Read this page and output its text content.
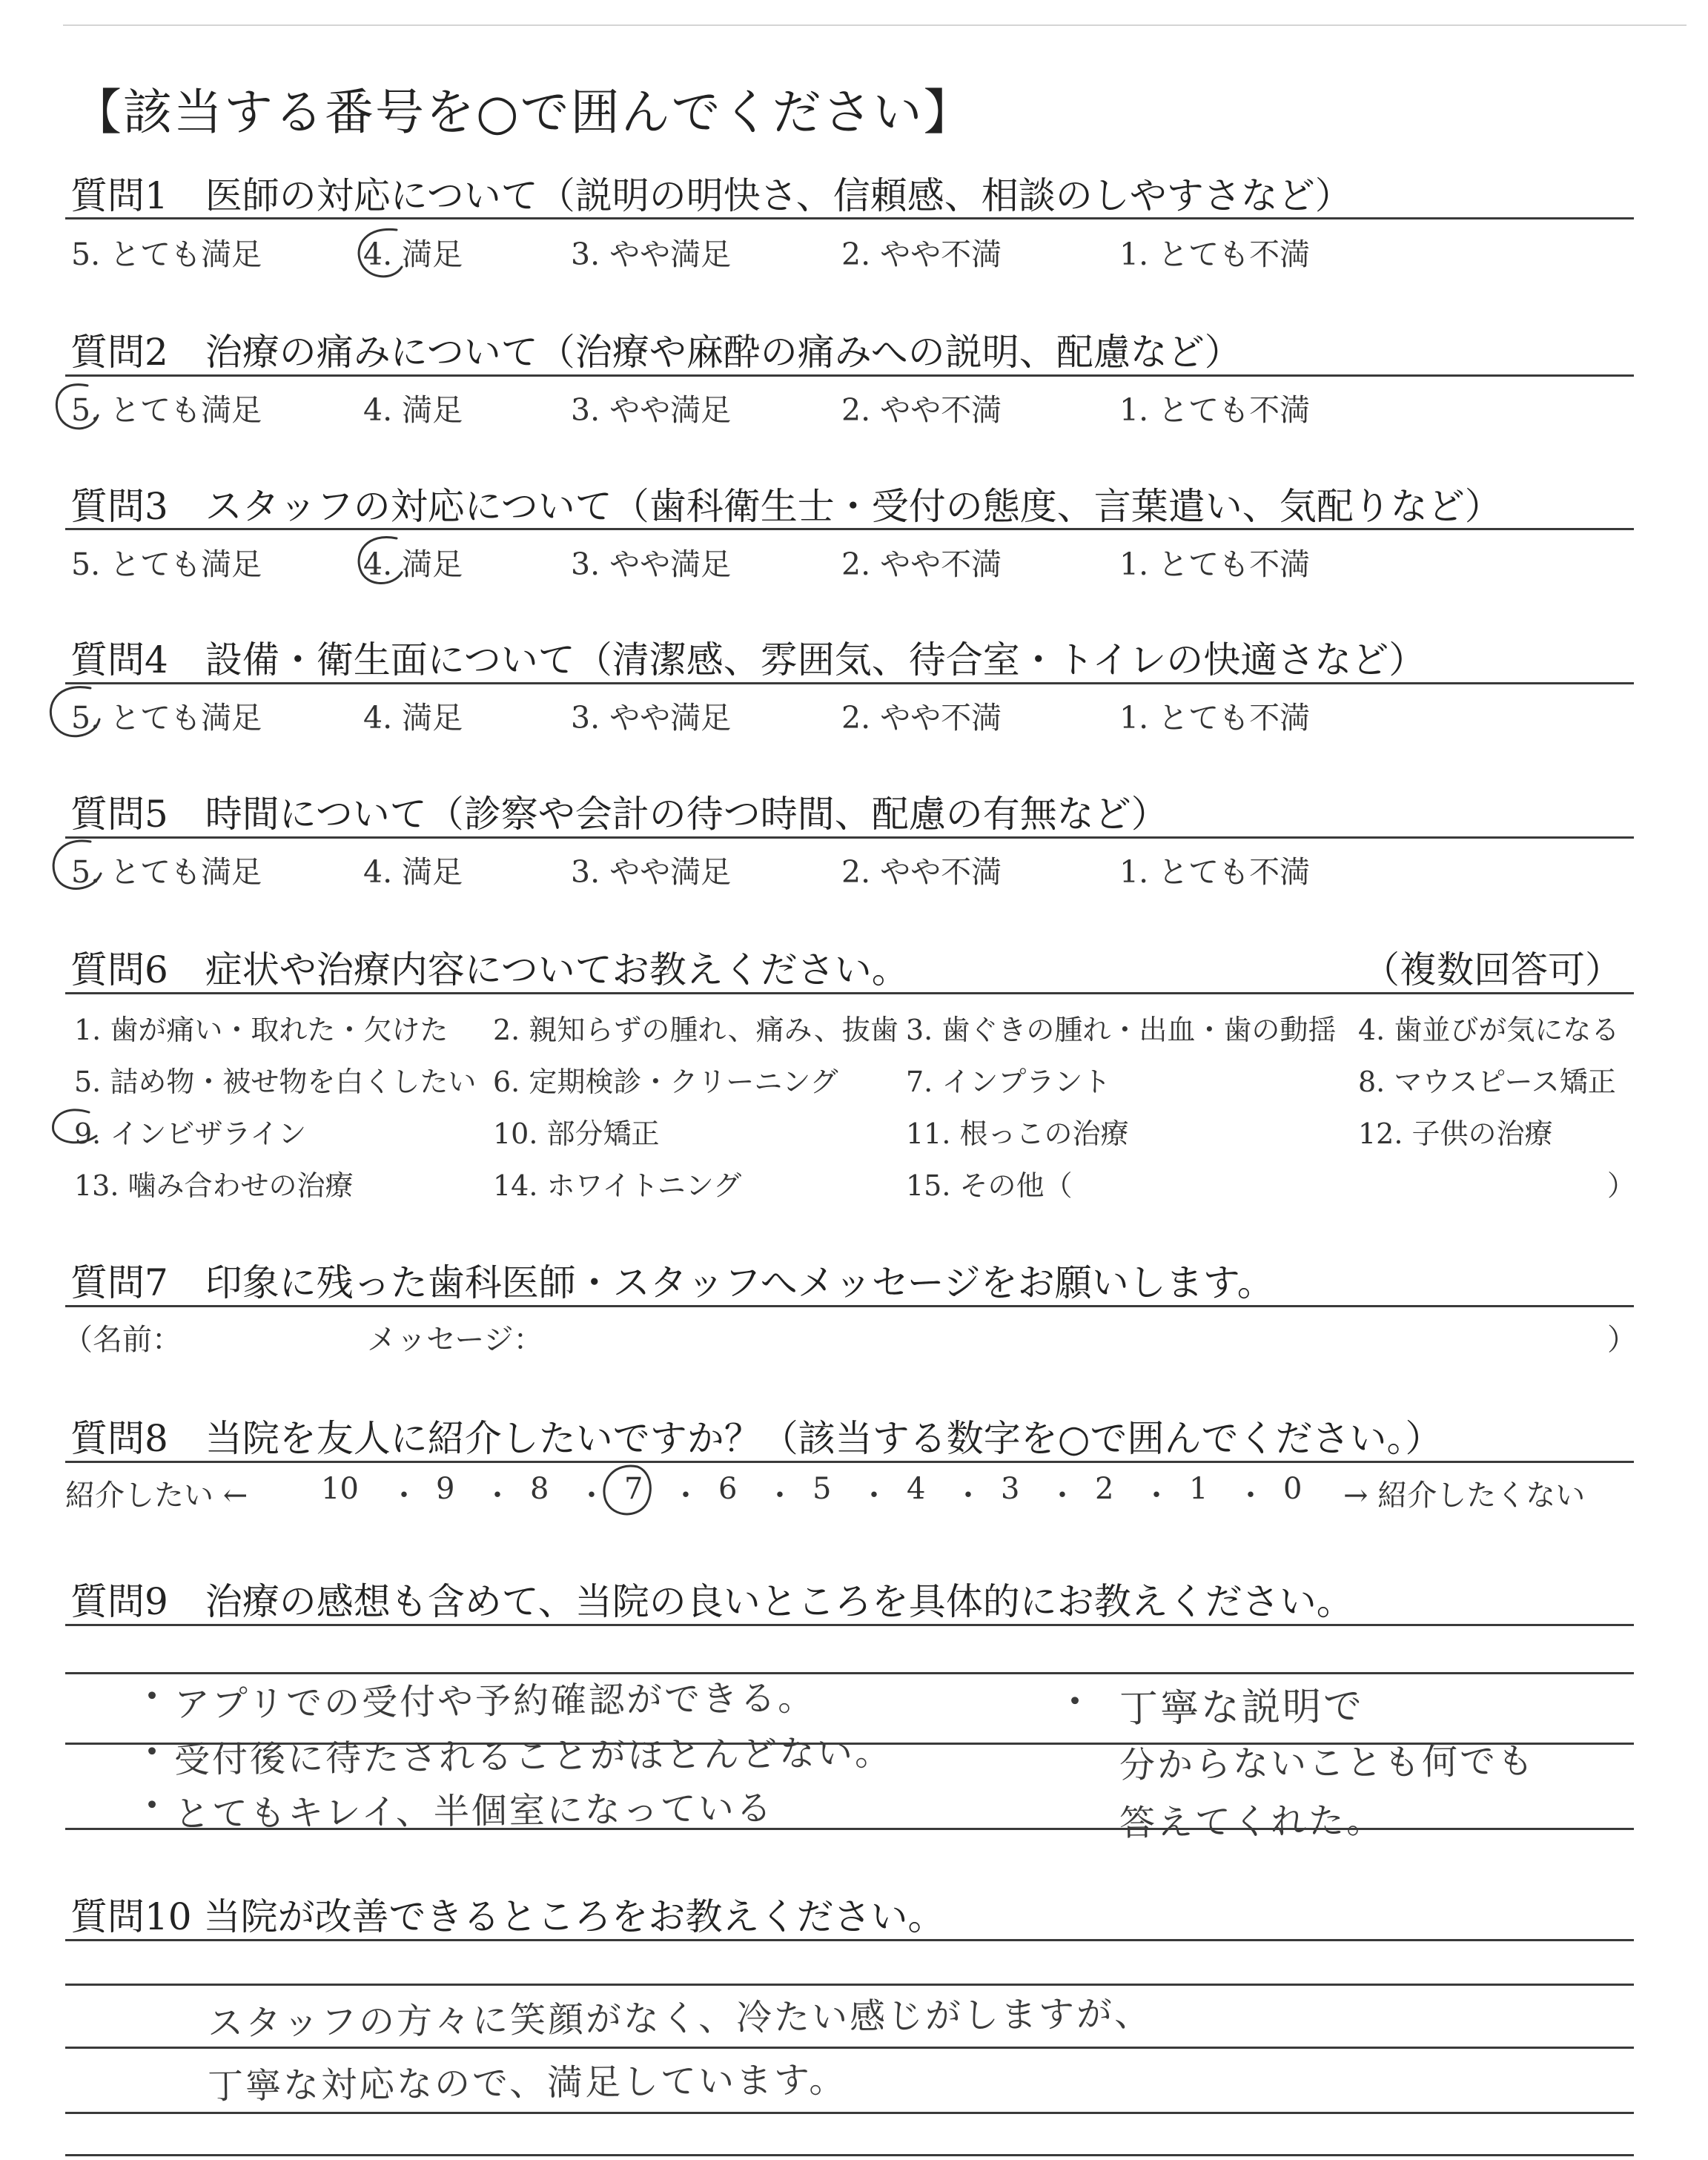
【該当する番号を○で囲んでください】
質問1　医師の対応について（説明の明快さ、信頼感、相談のしやすさなど）
5. とても満足	4. 満足	3. やや満足	2. やや不満	1. とても不満
質問2　治療の痛みについて（治療や麻酔の痛みへの説明、配慮など）
5. とても満足	4. 満足	3. やや満足	2. やや不満	1. とても不満
質問3　スタッフの対応について（歯科衛生士・受付の態度、言葉遣い、気配りなど）
5. とても満足	4. 満足	3. やや満足	2. やや不満	1. とても不満
質問4　設備・衛生面について（清潔感、雰囲気、待合室・トイレの快適さなど）
5. とても満足	4. 満足	3. やや満足	2. やや不満	1. とても不満
質問5　時間について（診察や会計の待つ時間、配慮の有無など）
5. とても満足	4. 満足	3. やや満足	2. やや不満	1. とても不満
質問6　症状や治療内容についてお教えください。	（複数回答可）
1. 歯が痛い・取れた・欠けた 2. 親知らずの腫れ、痛み、抜歯 3. 歯ぐきの腫れ・出血・歯の動揺 4. 歯並びが気になる
5. 詰め物・被せ物を白くしたい 6. 定期検診・クリーニング 7. インプラント	8. マウスピース矯正
9. インビザライン	10. 部分矯正	11. 根っこの治療	12. 子供の治療
13. 噛み合わせの治療	14. ホワイトニング	15. その他（	）
質問7　印象に残った歯科医師・スタッフへメッセージをお願いします。
（名前：	メッセージ：	）
質問8　当院を友人に紹介したいですか？（該当する数字を○で囲んでください。）
紹介したい ← 10 ・ 9 ・ 8 ・ 7 ・ 6 ・ 5 ・ 4 ・ 3 ・ 2 ・ 1 ・ 0 → 紹介したくない
質問9　治療の感想も含めて、当院の良いところを具体的にお教えください。
• アプリでの受付や予約確認ができる。
• 受付後に待たされることがほとんどない。
• とてもキレイ、半個室になっている
• 丁寧な説明で
分からないことも何でも
答えてくれた。
質問10 当院が改善できるところをお教えください。
スタッフの方々に笑顔がなく、冷たい感じがしますが、
丁寧な対応なので、満足しています。
